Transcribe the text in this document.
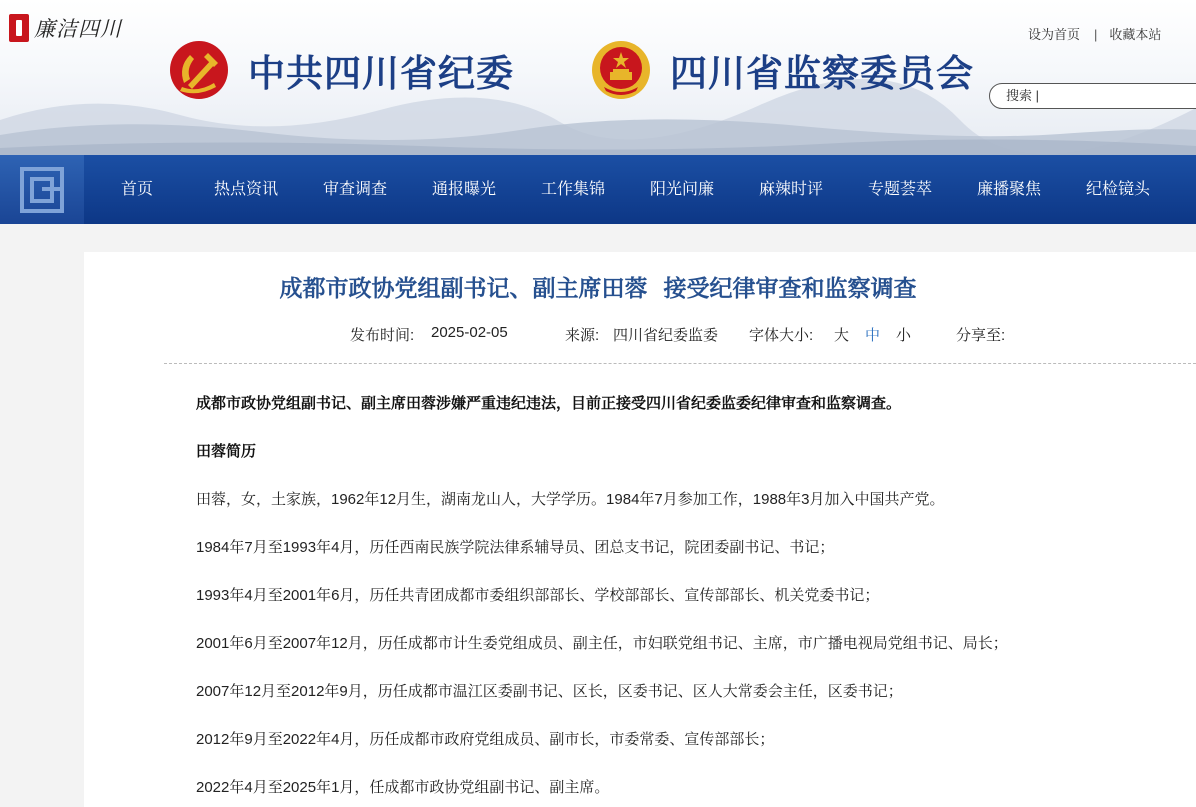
廉洁四川	设为首页 | 收藏本站
中共四川省纪委	四川省监察委员会
搜索 |
首页	热点资讯	审查调查	通报曝光	工作集锦	阳光问廉	麻辣时评	专题荟萃	廉播聚焦	纪检镜头
成都市政协党组副书记、副主席田蓉 接受纪律审查和监察调查
发布时间: 2025-02-05	来源: 四川省纪委监委 字体大小: 大 中 小	分享至:

成都市政协党组副书记、副主席田蓉涉嫌严重违纪违法，目前正接受四川省纪委监委纪律审查和监察调查。

田蓉简历

田蓉，女，土家族，1962年12月生，湖南龙山人，大学学历。1984年7月参加工作，1988年3月加入中国共产党。

1984年7月至1993年4月，历任西南民族学院法律系辅导员、团总支书记，院团委副书记、书记；

1993年4月至2001年6月，历任共青团成都市委组织部部长、学校部部长、宣传部部长、机关党委书记；

2001年6月至2007年12月，历任成都市计生委党组成员、副主任，市妇联党组书记、主席，市广播电视局党组书记、局长；

2007年12月至2012年9月，历任成都市温江区委副书记、区长，区委书记、区人大常委会主任，区委书记；

2012年9月至2022年4月，历任成都市政府党组成员、副市长，市委常委、宣传部部长；

2022年4月至2025年1月，任成都市政协党组副书记、副主席。
